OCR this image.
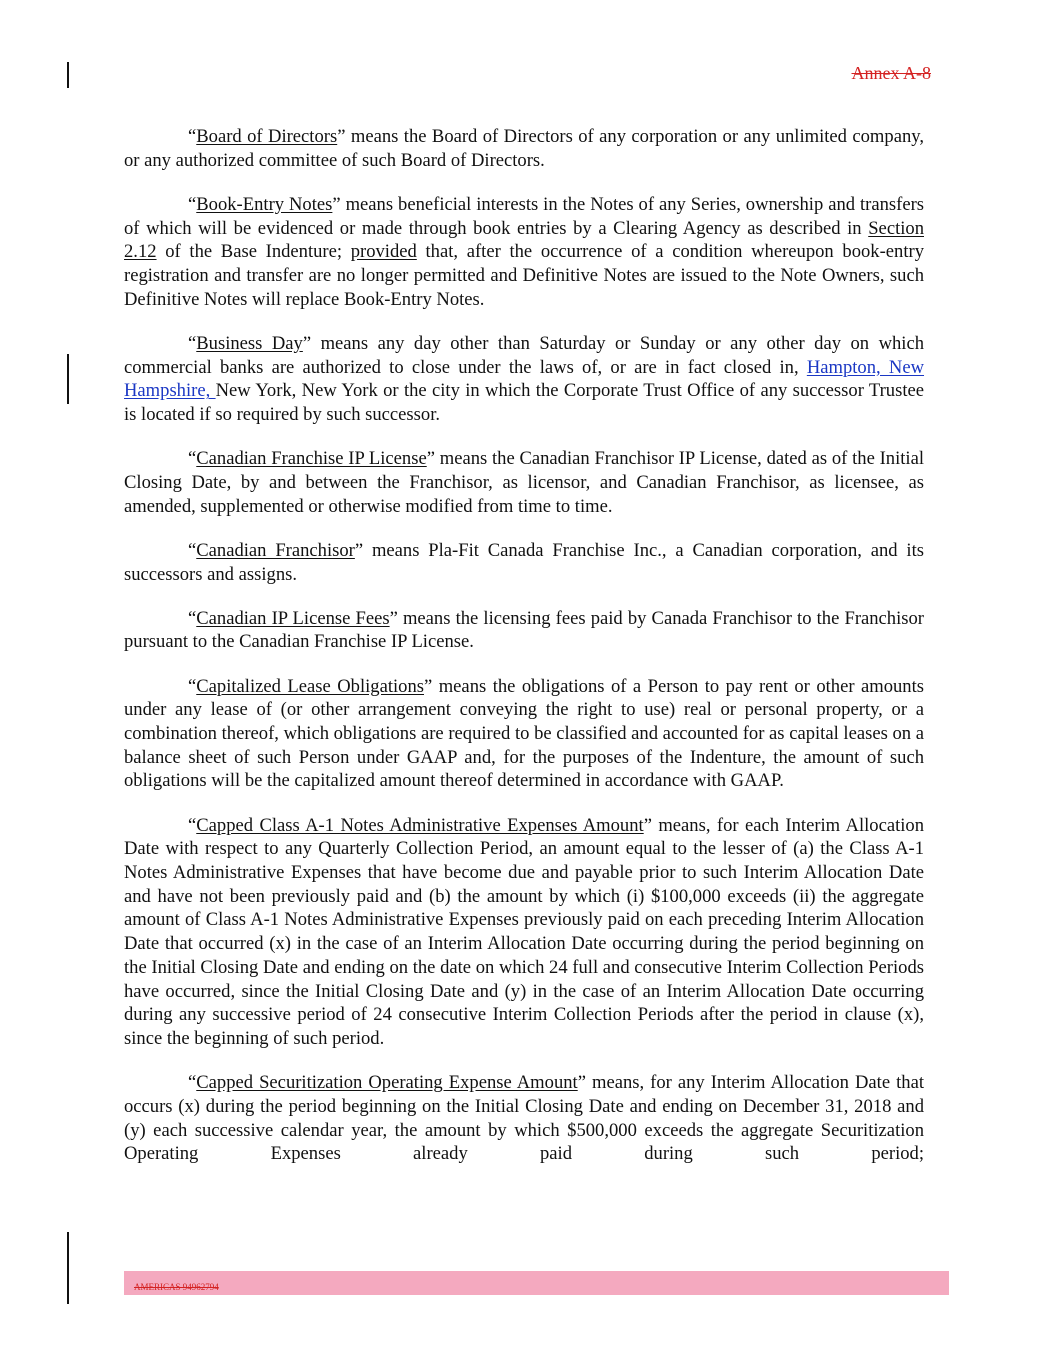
Annex A-8

“Board of Directors” means the Board of Directors of any corporation or any unlimited company, or any authorized committee of such Board of Directors.

“Book-Entry Notes” means beneficial interests in the Notes of any Series, ownership and transfers of which will be evidenced or made through book entries by a Clearing Agency as described in Section 2.12 of the Base Indenture; provided that, after the occurrence of a condition whereupon book-entry registration and transfer are no longer permitted and Definitive Notes are issued to the Note Owners, such Definitive Notes will replace Book-Entry Notes.

“Business Day” means any day other than Saturday or Sunday or any other day on which commercial banks are authorized to close under the laws of, or are in fact closed in, Hampton, New Hampshire, New York, New York or the city in which the Corporate Trust Office of any successor Trustee is located if so required by such successor.

“Canadian Franchise IP License” means the Canadian Franchisor IP License, dated as of the Initial Closing Date, by and between the Franchisor, as licensor, and Canadian Franchisor, as licensee, as amended, supplemented or otherwise modified from time to time.

“Canadian Franchisor” means Pla-Fit Canada Franchise Inc., a Canadian corporation, and its successors and assigns.

“Canadian IP License Fees” means the licensing fees paid by Canada Franchisor to the Franchisor pursuant to the Canadian Franchise IP License.

“Capitalized Lease Obligations” means the obligations of a Person to pay rent or other amounts under any lease of (or other arrangement conveying the right to use) real or personal property, or a combination thereof, which obligations are required to be classified and accounted for as capital leases on a balance sheet of such Person under GAAP and, for the purposes of the Indenture, the amount of such obligations will be the capitalized amount thereof determined in accordance with GAAP.

“Capped Class A-1 Notes Administrative Expenses Amount” means, for each Interim Allocation Date with respect to any Quarterly Collection Period, an amount equal to the lesser of (a) the Class A-1 Notes Administrative Expenses that have become due and payable prior to such Interim Allocation Date and have not been previously paid and (b) the amount by which (i) $100,000 exceeds (ii) the aggregate amount of Class A-1 Notes Administrative Expenses previously paid on each preceding Interim Allocation Date that occurred (x) in the case of an Interim Allocation Date occurring during the period beginning on the Initial Closing Date and ending on the date on which 24 full and consecutive Interim Collection Periods have occurred, since the Initial Closing Date and (y) in the case of an Interim Allocation Date occurring during any successive period of 24 consecutive Interim Collection Periods after the period in clause (x), since the beginning of such period.

“Capped Securitization Operating Expense Amount” means, for any Interim Allocation Date that occurs (x) during the period beginning on the Initial Closing Date and ending on December 31, 2018 and (y) each successive calendar year, the amount by which $500,000 exceeds the aggregate Securitization Operating Expenses already paid during such period;

AMERICAS 94962794
